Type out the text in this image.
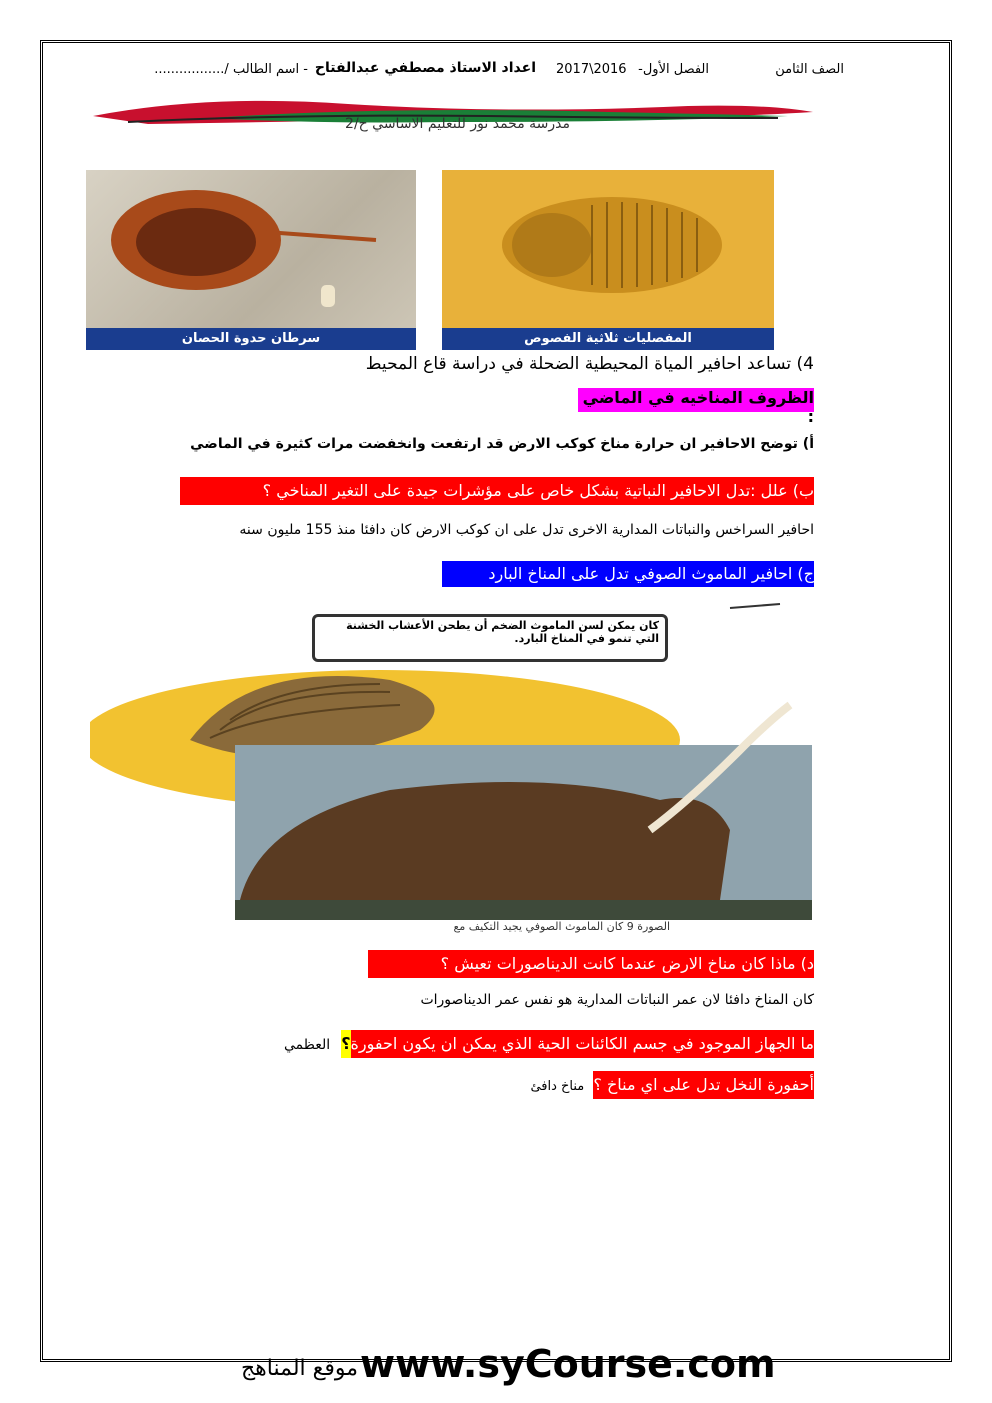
الصف الثامن
الفصل الأول-
2017\2016
اعداد الاستاذ مصطفي عبدالفتاح
- اسم الطالب /.................
مدرسة محمد نور للتعليم الاساسي ح/2
سرطان حدوة الحصان	المفصليات ثلاثية الفصوص
4) تساعد احافير المياة المحيطية الضحلة في دراسة قاع المحيط
الظروف المناخيه في الماضي :
أ) توضح الاحافير ان حرارة مناخ كوكب الارض قد ارتفعت وانخفضت مرات كثيرة في الماضي
ب) علل :تدل الاحافير النباتية بشكل خاص على مؤشرات جيدة على التغير المناخي ؟
احافير السراخس والنباتات المدارية الاخرى تدل على ان كوكب الارض كان دافئا منذ 155 مليون سنه
ج) احافير الماموث الصوفي تدل على المناخ البارد
كان يمكن لسن الماموث الضخم أن يطحن الأعشاب الخشنة التي تنمو في المناخ البارد.
الصورة 9 كان الماموث الصوفي يجيد التكيف مع
د) ماذا كان مناخ الارض عندما كانت الديناصورات تعيش ؟
كان المناخ دافئا لان عمر النباتات المدارية هو نفس عمر الديناصورات
ما الجهاز الموجود في جسم الكائنات الحية الذي يمكن ان يكون احفورة؟ العظمي
أحفورة النخل تدل على اي مناخ ؟ مناخ دافئ
www.syCourse.com
موقع المناهج
